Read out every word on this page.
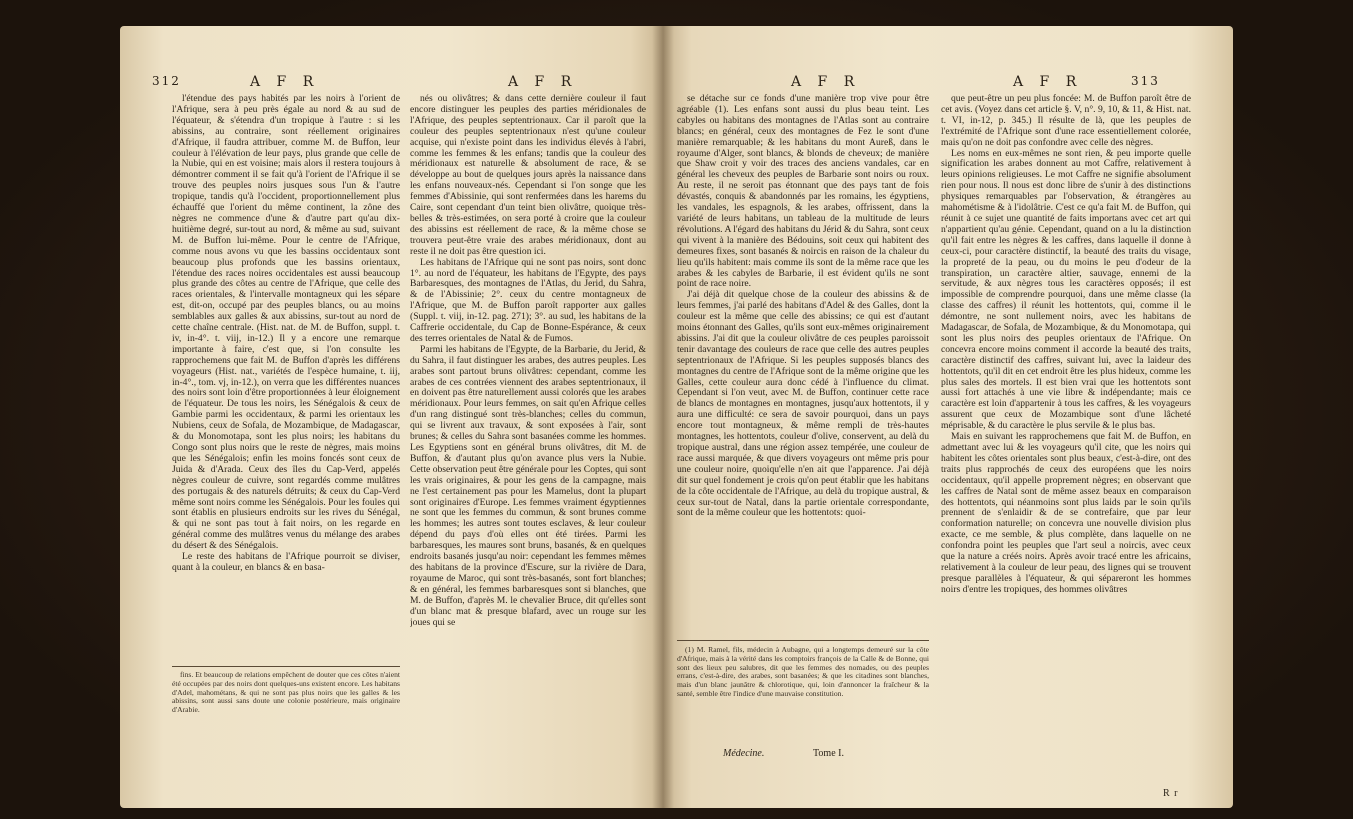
312	A F R	A F R

l'étendue des pays habités par les noirs à l'orient de l'Afrique, sera à peu près égale au nord & au sud de l'équateur, & s'étendra d'un tropique à l'autre : si les abissins, au contraire, sont réellement originaires d'Afrique, il faudra attribuer, comme M. de Buffon, leur couleur à l'élévation de leur pays, plus grande que celle de la Nubie, qui en est voisine; mais alors il restera toujours à démontrer comment il se fait qu'à l'orient de l'Afrique il se trouve des peuples noirs jusques sous l'un & l'autre tropique, tandis qu'à l'occident, proportionnellement plus échauffé que l'orient du même continent, la zône des nègres ne commence d'une & d'autre part qu'au dix-huitième degré, sur-tout au nord, & même au sud, suivant M. de Buffon lui-même. Pour le centre de l'Afrique, comme nous avons vu que les bassins occidentaux sont beaucoup plus profonds que les bassins orientaux, l'étendue des races noires occidentales est aussi beaucoup plus grande des côtes au centre de l'Afrique, que celle des races orientales, & l'intervalle montagneux qui les sépare est, dit-on, occupé par des peuples blancs, ou au moins semblables aux galles & aux abissins, sur-tout au nord de cette chaîne centrale. (Hist. nat. de M. de Buffon, suppl. t. iv, in-4°. t. viij, in-12.) Il y a encore une remarque importante à faire, c'est que, si l'on consulte les rapprochemens que fait M. de Buffon d'après les différens voyageurs (Hist. nat., variétés de l'espèce humaine, t. iij, in-4°., tom. vj, in-12.), on verra que les différentes nuances des noirs sont loin d'être proportionnées à leur éloignement de l'équateur. De tous les noirs, les Sénégalois & ceux de Gambie parmi les occidentaux, & parmi les orientaux les Nubiens, ceux de Sofala, de Mozambique, de Madagascar, & du Monomotapa, sont les plus noirs; les habitans du Congo sont plus noirs que le reste de nègres, mais moins que les Sénégalois; enfin les moins foncés sont ceux de Juida & d'Arada. Ceux des îles du Cap-Verd, appelés nègres couleur de cuivre, sont regardés comme mulâtres des portugais & des naturels détruits; & ceux du Cap-Verd même sont noirs comme les Sénégalois. Pour les foules qui sont établis en plusieurs endroits sur les rives du Sénégal, & qui ne sont pas tout à fait noirs, on les regarde en général comme des mulâtres venus du mélange des arabes du désert & des Sénégalois.

Le reste des habitans de l'Afrique pourroit se diviser, quant à la couleur, en blancs & en basa-

fins. Et beaucoup de relations empêchent de douter que ces côtes n'aient été occupées par des noirs dont quelques-uns existent encore. Les habitans d'Adel, mahométans, & qui ne sont pas plus noirs que les galles & les abissins, sont aussi sans doute une colonie postérieure, mais originaire d'Arabie.

nés ou olivâtres; & dans cette dernière couleur il faut encore distinguer les peuples des parties méridionales de l'Afrique, des peuples septentrionaux. Car il paroît que la couleur des peuples septentrionaux n'est qu'une couleur acquise, qui n'existe point dans les individus élevés à l'abri, comme les femmes & les enfans; tandis que la couleur des méridionaux est naturelle & absolument de race, & se développe au bout de quelques jours après la naissance dans les enfans nouveaux-nés. Cependant si l'on songe que les femmes d'Abissinie, qui sont renfermées dans les harems du Caire, sont cependant d'un teint bien olivâtre, quoique très-belles & très-estimées, on sera porté à croire que la couleur des abissins est réellement de race, & la même chose se trouvera peut-être vraie des arabes méridionaux, dont au reste il ne doit pas être question ici.

Les habitans de l'Afrique qui ne sont pas noirs, sont donc 1°. au nord de l'équateur, les habitans de l'Egypte, des pays Barbaresques, des montagnes de l'Atlas, du Jerid, du Sahra, & de l'Abissinie; 2°. ceux du centre montagneux de l'Afrique, que M. de Buffon paroît rapporter aux galles (Suppl. t. viij, in-12. pag. 271); 3°. au sud, les habitans de la Caffrerie occidentale, du Cap de Bonne-Espérance, & ceux des terres orientales de Natal & de Fumos.

Parmi les habitans de l'Egypte, de la Barbarie, du Jerid, & du Sahra, il faut distinguer les arabes, des autres peuples. Les arabes sont partout bruns olivâtres: cependant, comme les arabes de ces contrées viennent des arabes septentrionaux, il en doivent pas être naturellement aussi colorés que les arabes méridionaux. Pour leurs femmes, on sait qu'en Afrique celles d'un rang distingué sont très-blanches; celles du commun, qui se livrent aux travaux, & sont exposées à l'air, sont brunes; & celles du Sahra sont basanées comme les hommes. Les Egyptiens sont en général bruns olivâtres, dit M. de Buffon, & d'autant plus qu'on avance plus vers la Nubie. Cette observation peut être générale pour les Coptes, qui sont les vrais originaires, & pour les gens de la campagne, mais ne l'est certainement pas pour les Mamelus, dont la plupart sont originaires d'Europe. Les femmes vraiment égyptiennes ne sont que les femmes du commun, & sont brunes comme les hommes; les autres sont toutes esclaves, & leur couleur dépend du pays d'où elles ont été tirées. Parmi les barbaresques, les maures sont bruns, basanés, & en quelques endroits basanés jusqu'au noir: cependant les femmes mêmes des habitans de la province d'Escure, sur la rivière de Dara, royaume de Maroc, qui sont très-basanés, sont fort blanches; & en général, les femmes barbaresques sont si blanches, que M. de Buffon, d'après M. le chevalier Bruce, dit qu'elles sont d'un blanc mat & presque blafard, avec un rouge sur les joues qui se

A F R	A F R	313

se détache sur ce fonds d'une manière trop vive pour être agréable (1). Les enfans sont aussi du plus beau teint. Les cabyles ou habitans des montagnes de l'Atlas sont au contraire blancs; en général, ceux des montagnes de Fez le sont d'une manière remarquable; & les habitans du mont Aureß, dans le royaume d'Alger, sont blancs, & blonds de cheveux; de manière que Shaw croit y voir des traces des anciens vandales, car en général les cheveux des peuples de Barbarie sont noirs ou roux. Au reste, il ne seroit pas étonnant que des pays tant de fois dévastés, conquis & abandonnés par les romains, les égyptiens, les vandales, les espagnols, & les arabes, offrissent, dans la variété de leurs habitans, un tableau de la multitude de leurs révolutions. A l'égard des habitans du Jérid & du Sahra, sont ceux qui vivent à la manière des Bédouins, soit ceux qui habitent des demeures fixes, sont basanés & noircis en raison de la chaleur du lieu qu'ils habitent: mais comme ils sont de la même race que les arabes & les cabyles de Barbarie, il est évident qu'ils ne sont point de race noire.

J'ai déjà dit quelque chose de la couleur des abissins & de leurs femmes, j'ai parlé des habitans d'Adel & des Galles, dont la couleur est la même que celle des abissins; ce qui est d'autant moins étonnant des Galles, qu'ils sont eux-mêmes originairement abissins. J'ai dit que la couleur olivâtre de ces peuples paroissoit tenir davantage des couleurs de race que celle des autres peuples septentrionaux de l'Afrique. Si les peuples supposés blancs des montagnes du centre de l'Afrique sont de la même origine que les Galles, cette couleur aura donc cédé à l'influence du climat. Cependant si l'on veut, avec M. de Buffon, continuer cette race de blancs de montagnes en montagnes, jusqu'aux hottentots, il y aura une difficulté: ce sera de savoir pourquoi, dans un pays encore tout montagneux, & même rempli de très-hautes montagnes, les hottentots, couleur d'olive, conservent, au delà du tropique austral, dans une région assez tempérée, une couleur de race aussi marquée, & que divers voyageurs ont même pris pour une couleur noire, quoiqu'elle n'en ait que l'apparence. J'ai déjà dit sur quel fondement je crois qu'on peut établir que les habitans de la côte occidentale de l'Afrique, au delà du tropique austral, & ceux sur-tout de Natal, dans la partie orientale correspondante, sont de la même couleur que les hottentots: quoi-

(1) M. Ramel, fils, médecin à Aubagne, qui a longtemps demeuré sur la côte d'Afrique, mais à la vérité dans les comptoirs françois de la Calle & de Bonne, qui sont des lieux peu salubres, dit que les femmes des nomades, ou des peuples errans, c'est-à-dire, des arabes, sont basanées; & que les citadines sont blanches, mais d'un blanc jaunâtre & chlorotique, qui, loin d'annoncer la fraîcheur & la santé, semble être l'indice d'une mauvaise constitution.

Médecine.	Tome I.

que peut-être un peu plus foncée: M. de Buffon paroît être de cet avis. (Voyez dans cet article §. V, n°. 9, 10, & 11, & Hist. nat. t. VI, in-12, p. 345.) Il résulte de là, que les peuples de l'extrémité de l'Afrique sont d'une race essentiellement colorée, mais qu'on ne doit pas confondre avec celle des nègres.

Les noms en eux-mêmes ne sont rien, & peu importe quelle signification les arabes donnent au mot Caffre, relativement à leurs opinions religieuses. Le mot Caffre ne signifie absolument rien pour nous. Il nous est donc libre de s'unir à des distinctions physiques remarquables par l'observation, & étrangères au mahométisme & à l'idolâtrie. C'est ce qu'a fait M. de Buffon, qui réunit à ce sujet une quantité de faits importans avec cet art qui n'appartient qu'au génie. Cependant, quand on a lu la distinction qu'il fait entre les nègres & les caffres, dans laquelle il donne à ceux-ci, pour caractère distinctif, la beauté des traits du visage, la propreté de la peau, ou du moins le peu d'odeur de la transpiration, un caractère altier, sauvage, ennemi de la servitude, & aux nègres tous les caractères opposés; il est impossible de comprendre pourquoi, dans une même classe (la classe des caffres) il réunit les hottentots, qui, comme il le démontre, ne sont nullement noirs, avec les habitans de Madagascar, de Sofala, de Mozambique, & du Monomotapa, qui sont les plus noirs des peuples orientaux de l'Afrique. On concevra encore moins comment il accorde la beauté des traits, caractère distinctif des caffres, suivant lui, avec la laideur des hottentots, qu'il dit en cet endroit être les plus hideux, comme les plus sales des mortels. Il est bien vrai que les hottentots sont aussi fort attachés à une vie libre & indépendante; mais ce caractère est loin d'appartenir à tous les caffres, & les voyageurs assurent que ceux de Mozambique sont d'une lâcheté méprisable, & du caractère le plus servile & le plus bas.

Mais en suivant les rapprochemens que fait M. de Buffon, en admettant avec lui & les voyageurs qu'il cite, que les noirs qui habitent les côtes orientales sont plus beaux, c'est-à-dire, ont des traits plus rapprochés de ceux des européens que les noirs occidentaux, qu'il appelle proprement nègres; en observant que les caffres de Natal sont de même assez beaux en comparaison des hottentots, qui néanmoins sont plus laids par le soin qu'ils prennent de s'enlaidir & de se contrefaire, que par leur conformation naturelle; on concevra une nouvelle division plus exacte, ce me semble, & plus complète, dans laquelle on ne confondra point les peuples que l'art seul a noircis, avec ceux que la nature a créés noirs. Après avoir tracé entre les africains, relativement à la couleur de leur peau, des lignes qui se trouvent presque parallèles à l'équateur, & qui sépareront les hommes noirs d'entre les tropiques, des hommes olivâtres

R r
